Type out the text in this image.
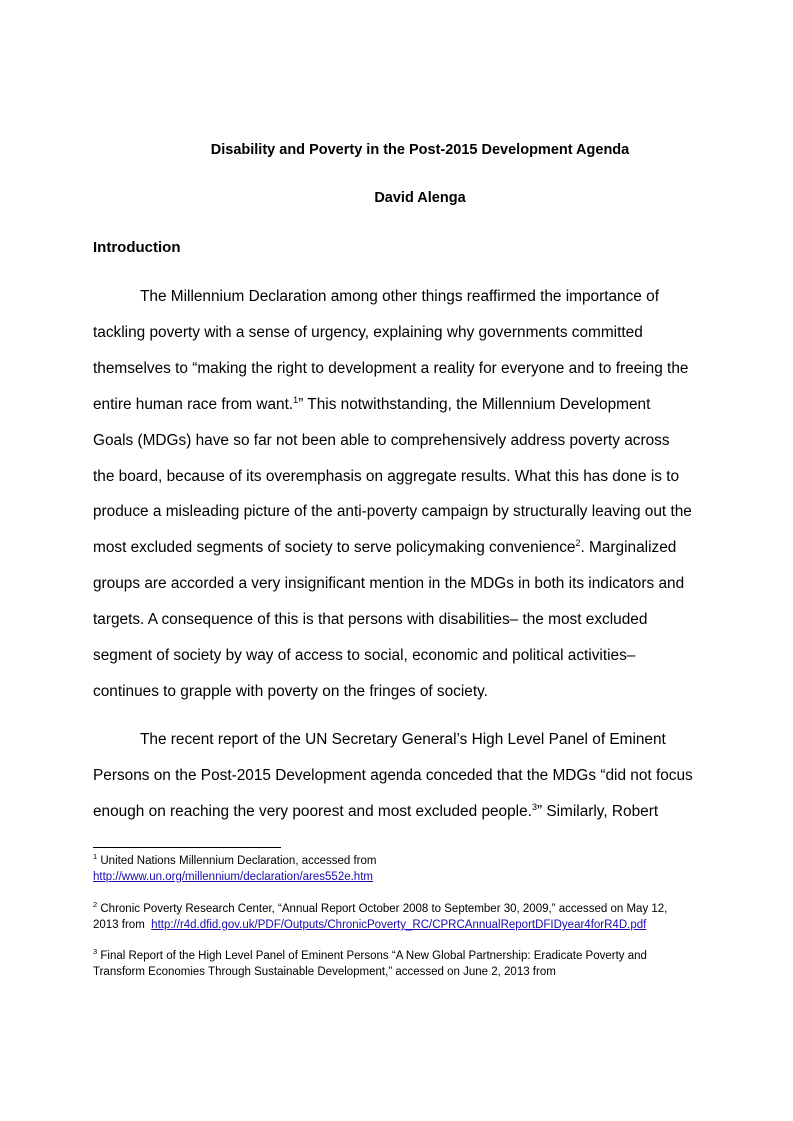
Disability and Poverty in the Post-2015 Development Agenda
David Alenga
Introduction
The Millennium Declaration among other things reaffirmed the importance of
tackling poverty with a sense of urgency, explaining why governments committed
themselves to “making the right to development a reality for everyone and to freeing the
entire human race from want.$^1$” This notwithstanding, the Millennium Development
Goals (MDGs) have so far not been able to comprehensively address poverty across
the board, because of its overemphasis on aggregate results. What this has done is to
produce a misleading picture of the anti-poverty campaign by structurally leaving out the
most excluded segments of society to serve policymaking convenience$^2$. Marginalized
groups are accorded a very insignificant mention in the MDGs in both its indicators and
targets. A consequence of this is that persons with disabilities– the most excluded
segment of society by way of access to social, economic and political activities–
continues to grapple with poverty on the fringes of society.
The recent report of the UN Secretary General’s High Level Panel of Eminent
Persons on the Post-2015 Development agenda conceded that the MDGs “did not focus
enough on reaching the very poorest and most excluded people.$^3$” Similarly, Robert
$^1$ United Nations Millennium Declaration, accessed from
http://www.un.org/millennium/declaration/ares552e.htm
$^2$ Chronic Poverty Research Center, “Annual Report October 2008 to September 30, 2009,” accessed on May 12,
2013 from  http://r4d.dfid.gov.uk/PDF/Outputs/ChronicPoverty_RC/CPRCAnnualReportDFIDyear4forR4D.pdf
$^3$ Final Report of the High Level Panel of Eminent Persons “A New Global Partnership: Eradicate Poverty and
Transform Economies Through Sustainable Development,” accessed on June 2, 2013 from
